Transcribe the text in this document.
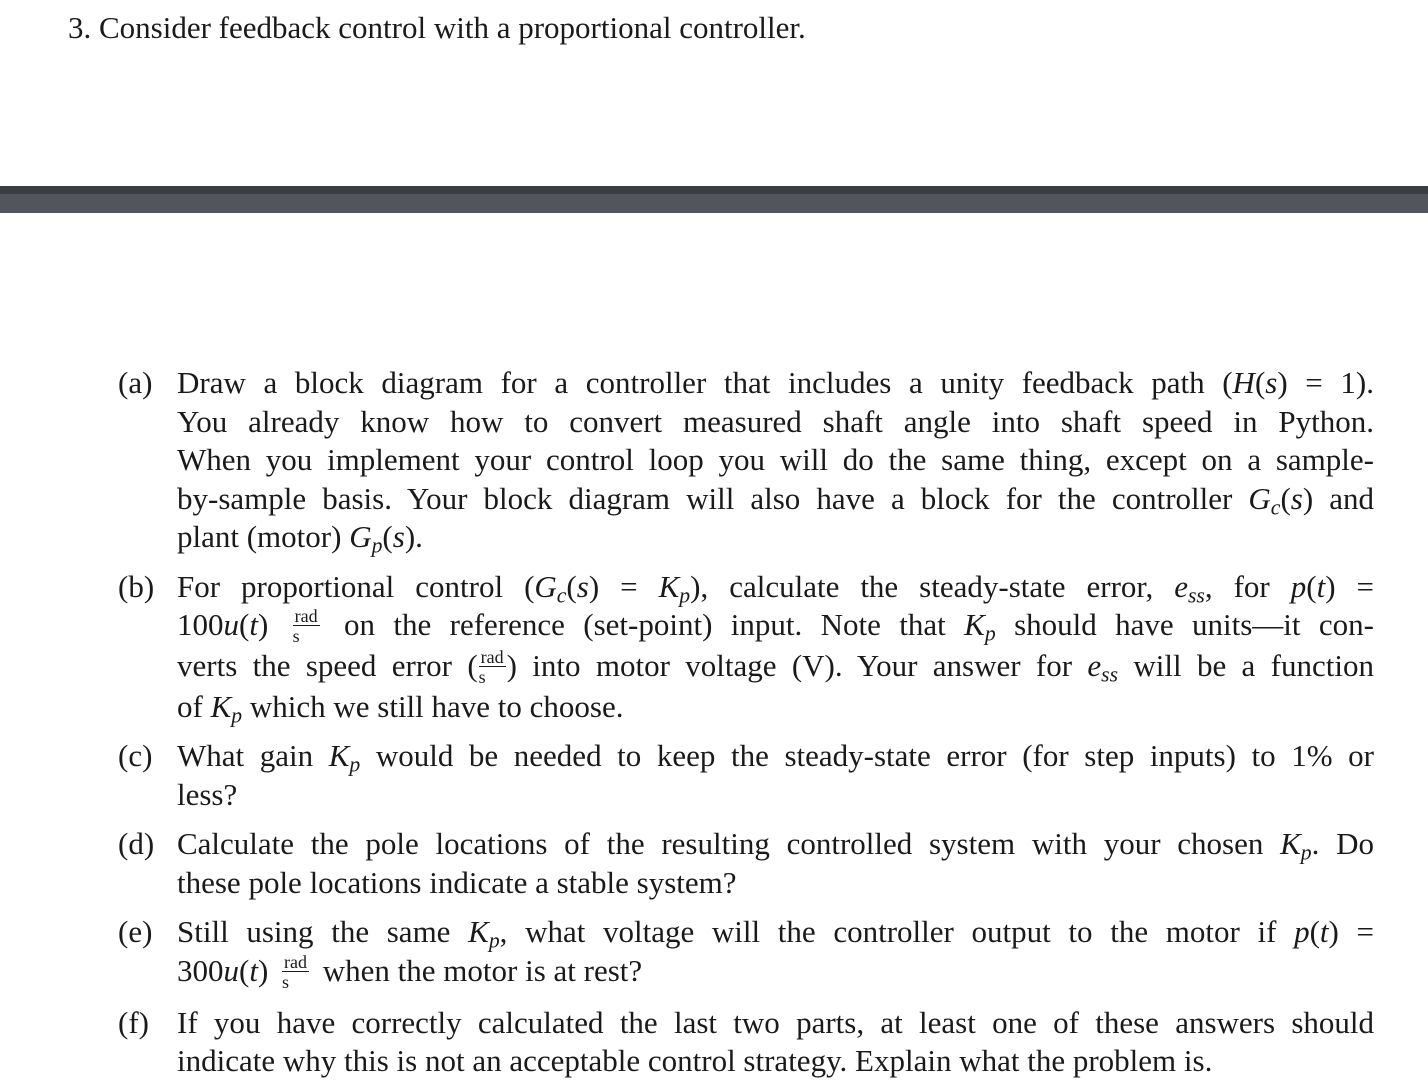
3. Consider feedback control with a proportional controller.
(a) Draw a block diagram for a controller that includes a unity feedback path (H(s) = 1).
You already know how to convert measured shaft angle into shaft speed in Python.
When you implement your control loop you will do the same thing, except on a sample-
by-sample basis. Your block diagram will also have a block for the controller $G_c(s)$ and
plant (motor) $G_p(s)$.
(b) For proportional control $(G_c(s) = K_p)$, calculate the steady-state error, $e_{ss}$, for p(t) =
$100u(t) \frac{\text{rad}}{s}$ on the reference (set-point) input. Note that $K_p$ should have units—it con-
verts the speed error ( $\frac{\text{rad}}{s}$ ) into motor voltage (V). Your answer for $e_{ss}$ will be a function
of $K_p$ which we still have to choose.
(c) What gain $K_p$ would be needed to keep the steady-state error (for step inputs) to 1% or
less?
(d) Calculate the pole locations of the resulting controlled system with your chosen $K_p$. Do
these pole locations indicate a stable system?
(e) Still using the same $K_p$, what voltage will the controller output to the motor if p(t) =
$300u(t) \frac{\text{rad}}{s}$ when the motor is at rest?
(f) If you have correctly calculated the last two parts, at least one of these answers should
indicate why this is not an acceptable control strategy. Explain what the problem is.
